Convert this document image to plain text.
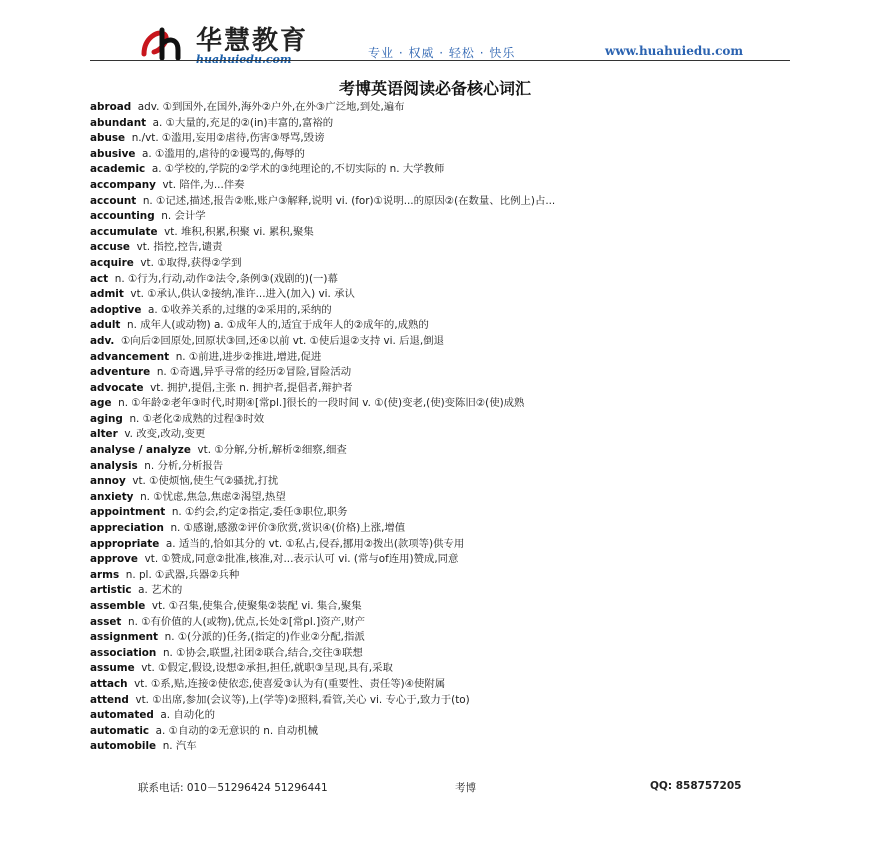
华慧教育
huahuiedu.com	专业 · 权威 · 轻松 · 快乐	www.huahuiedu.com
考博英语阅读必备核心词汇
abroad adv. ①到国外,在国外,海外②户外,在外③广泛地,到处,遍布
abundant a. ①大量的,充足的②(in)丰富的,富裕的
abuse n./vt. ①滥用,妄用②虐待,伤害③辱骂,毁谤
abusive a. ①滥用的,虐待的②谩骂的,侮辱的
academic a. ①学校的,学院的②学术的③纯理论的,不切实际的 n. 大学教师
accompany vt. 陪伴,为...伴奏
account n. ①记述,描述,报告②账,账户③解释,说明 vi. (for)①说明...的原因②(在数量、比例上)占...
accounting n. 会计学
accumulate vt. 堆积,积累,积聚 vi. 累积,聚集
accuse vt. 指控,控告,谴责
acquire vt. ①取得,获得②学到
act n. ①行为,行动,动作②法令,条例③(戏剧的)(一)幕
admit vt. ①承认,供认②接纳,准许...进入(加入) vi. 承认
adoptive a. ①收养关系的,过继的②采用的,采纳的
adult n. 成年人(或动物) a. ①成年人的,适宜于成年人的②成年的,成熟的
adv. ①向后②回原处,回原状③回,还④以前 vt. ①使后退②支持 vi. 后退,倒退
advancement n. ①前进,进步②推进,增进,促进
adventure n. ①奇遇,异乎寻常的经历②冒险,冒险活动
advocate vt. 拥护,提倡,主张 n. 拥护者,提倡者,辩护者
age n. ①年龄②老年③时代,时期④[常pl.]很长的一段时间 v. ①(使)变老,(使)变陈旧②(使)成熟
aging n. ①老化②成熟的过程③时效
alter v. 改变,改动,变更
analyse / analyze vt. ①分解,分析,解析②细察,细查
analysis n. 分析,分析报告
annoy vt. ①使烦恼,使生气②骚扰,打扰
anxiety n. ①忧虑,焦急,焦虑②渴望,热望
appointment n. ①约会,约定②指定,委任③职位,职务
appreciation n. ①感谢,感激②评价③欣赏,赏识④(价格)上涨,增值
appropriate a. 适当的,恰如其分的 vt. ①私占,侵吞,挪用②拨出(款项等)供专用
approve vt. ①赞成,同意②批准,核准,对...表示认可 vi. (常与of连用)赞成,同意
arms n. pl. ①武器,兵器②兵种
artistic a. 艺术的
assemble vt. ①召集,使集合,使聚集②装配 vi. 集合,聚集
asset n. ①有价值的人(或物),优点,长处②[常pl.]资产,财产
assignment n. ①(分派的)任务,(指定的)作业②分配,指派
association n. ①协会,联盟,社团②联合,结合,交往③联想
assume vt. ①假定,假设,设想②承担,担任,就职③呈现,具有,采取
attach vt. ①系,贴,连接②使依恋,使喜爱③认为有(重要性、责任等)④使附属
attend vt. ①出席,参加(会议等),上(学等)②照料,看管,关心 vi. 专心于,致力于(to)
automated a. 自动化的
automatic a. ①自动的②无意识的 n. 自动机械
automobile n. 汽车
联系电话: 010－51296424 51296441	考博	QQ: 858757205
